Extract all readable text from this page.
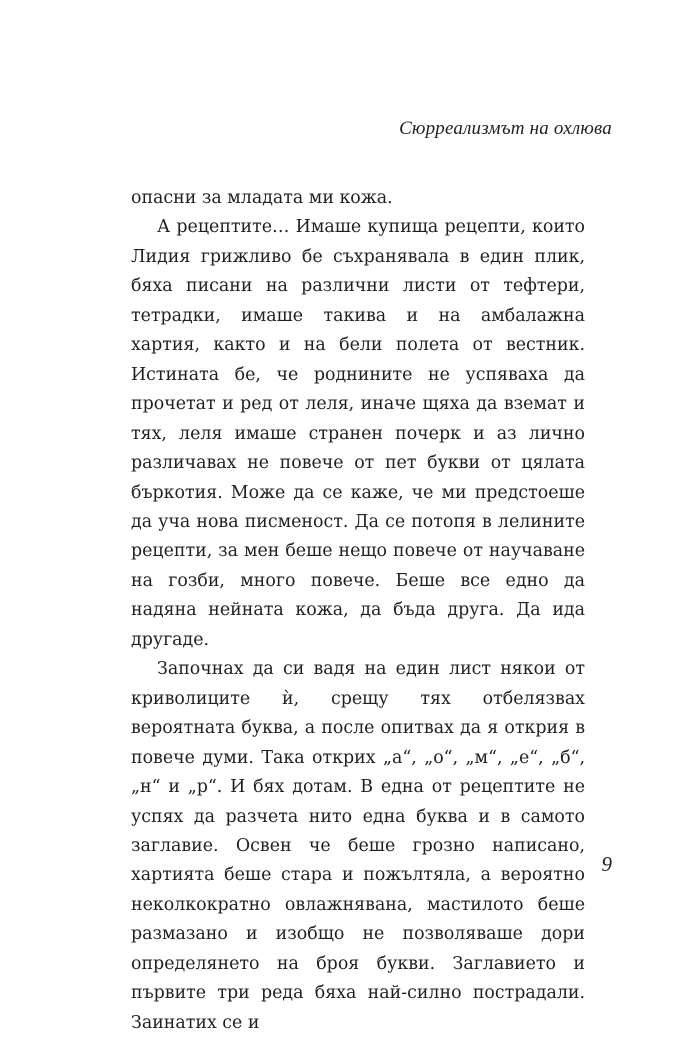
Сюрреализмът на охлюва

опасни за младата ми кожа.

А рецептите… Имаше купища рецепти, които Лидия грижливо бе съхранявала в един плик, бяха писани на различни листи от тефтери, тетрадки, имаше такива и на амбалажна хартия, както и на бели полета от вестник. Истината бе, че роднините не успяваха да прочетат и ред от леля, иначе щяха да вземат и тях, леля имаше странен почерк и аз лично различавах не повече от пет букви от цялата бъркотия. Може да се каже, че ми предстоеше да уча нова писменост. Да се потопя в лелините рецепти, за мен беше нещо повече от научаване на гозби, много повече. Беше все едно да надяна нейната кожа, да бъда друга. Да ида другаде.

Започнах да си вадя на един лист някои от криволиците ѝ, срещу тях отбелязвах вероятната буква, а после опитвах да я открия в повече думи. Така открих „а“, „о“, „м“, „е“, „б“, „н“ и „р“. И бях дотам. В една от рецептите не успях да разчета нито една буква и в самото заглавие. Освен че беше грозно написано, хартията беше стара и пожълтяла, а вероятно неколкократно овлажнявана, мастилото беше размазано и изобщо не позволяваше дори определянето на броя букви. Заглавието и първите три реда бяха най-силно пострадали. Заинатих се и

9
